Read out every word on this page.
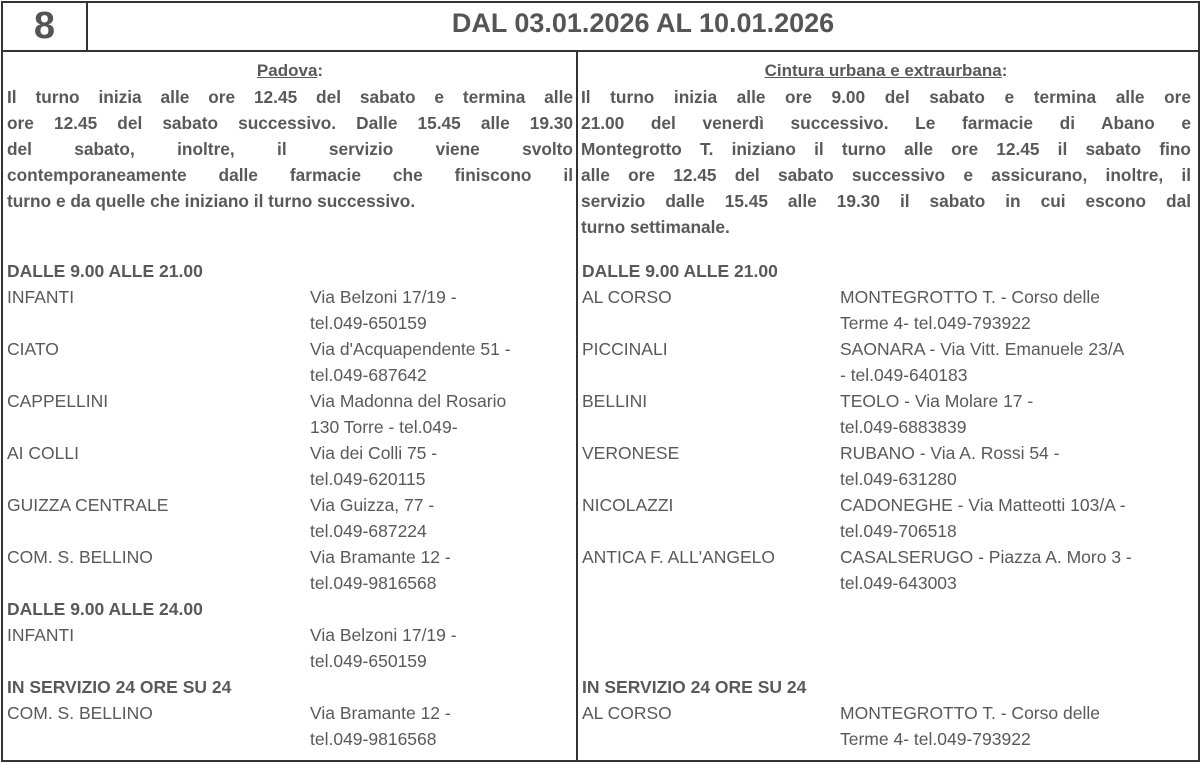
8	DAL 03.01.2026 AL 10.01.2026
Padova:
Il turno inizia alle ore 12.45 del sabato e termina alle
ore 12.45 del sabato successivo. Dalle 15.45 alle 19.30
del sabato, inoltre, il servizio viene svolto
contemporaneamente dalle farmacie che finiscono il
turno e da quelle che iniziano il turno successivo.
Cintura urbana e extraurbana:
Il turno inizia alle ore 9.00 del sabato e termina alle ore
21.00 del venerdì successivo. Le farmacie di Abano e
Montegrotto T. iniziano il turno alle ore 12.45 il sabato fino
alle ore 12.45 del sabato successivo e assicurano, inoltre, il
servizio dalle 15.45 alle 19.30 il sabato in cui escono dal
turno settimanale.
DALLE 9.00 ALLE 21.00
INFANTI	Via Belzoni 17/19 -
tel.049-650159
CIATO	Via d'Acquapendente 51 -
tel.049-687642
CAPPELLINI	Via Madonna del Rosario
130 Torre - tel.049-
AI COLLI	Via dei Colli 75 -
tel.049-620115
GUIZZA CENTRALE	Via Guizza, 77 -
tel.049-687224
COM. S. BELLINO	Via Bramante 12 -
tel.049-9816568
DALLE 9.00 ALLE 24.00
INFANTI	Via Belzoni 17/19 -
tel.049-650159
IN SERVIZIO 24 ORE SU 24
COM. S. BELLINO	Via Bramante 12 -
tel.049-9816568
DALLE 9.00 ALLE 21.00
AL CORSO	MONTEGROTTO T. - Corso delle
Terme 4- tel.049-793922
PICCINALI	SAONARA - Via Vitt. Emanuele 23/A
- tel.049-640183
BELLINI	TEOLO - Via Molare 17 -
tel.049-6883839
VERONESE	RUBANO - Via A. Rossi 54 -
tel.049-631280
NICOLAZZI	CADONEGHE - Via Matteotti 103/A -
tel.049-706518
ANTICA F. ALL'ANGELO	CASALSERUGO - Piazza A. Moro 3 -
tel.049-643003
IN SERVIZIO 24 ORE SU 24
AL CORSO	MONTEGROTTO T. - Corso delle
Terme 4- tel.049-793922
